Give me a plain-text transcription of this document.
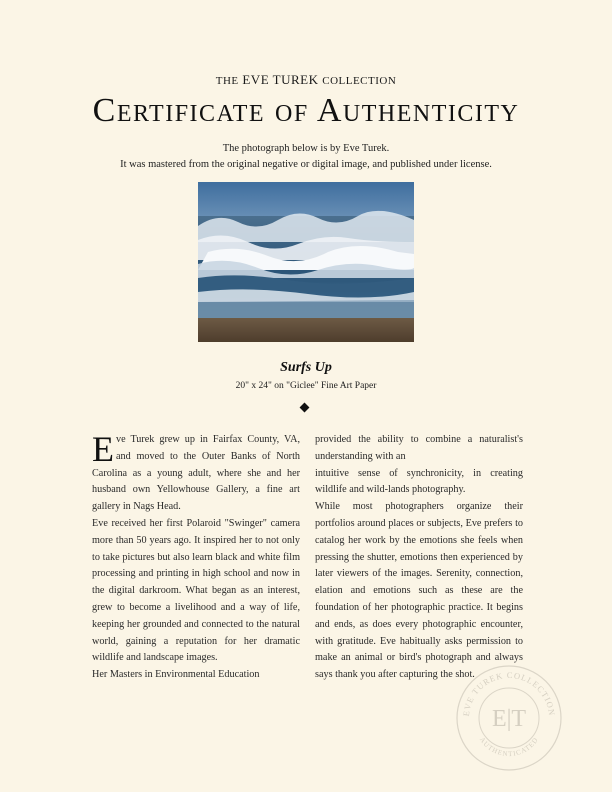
THE EVE TUREK COLLECTION
Certificate of Authenticity
The photograph below is by Eve Turek.
It was mastered from the original negative or digital image, and published under license.
Surfs Up
20" x 24" on "Giclee" Fine Art Paper

Eve Turek grew up in Fairfax County, VA, and moved to the Outer Banks of North Carolina as a young adult, where she and her husband own Yellowhouse Gallery, a fine art gallery in Nags Head.

Eve received her first Polaroid "Swinger" camera more than 50 years ago. It inspired her to not only to take pictures but also learn black and white film processing and printing in high school and now in the digital darkroom. What began as an interest, grew to become a livelihood and a way of life, keeping her grounded and connected to the natural world, gaining a reputation for her dramatic wildlife and landscape images.

Her Masters in Environmental Education

provided the ability to combine a naturalist's understanding with an

intuitive sense of synchronicity, in creating wildlife and wild-lands photography.

While most photographers organize their portfolios around places or subjects, Eve prefers to catalog her work by the emotions she feels when pressing the shutter, emotions then experienced by later viewers of the images. Serenity, connection, elation and emotions such as these are the foundation of her photographic practice. It begins and ends, as does every photographic encounter, with gratitude. Eve habitually asks permission to make an animal or bird's photograph and always says thank you after capturing the shot.

EVE TUREK COLLECTION
AUTHENTICATED
E|T
